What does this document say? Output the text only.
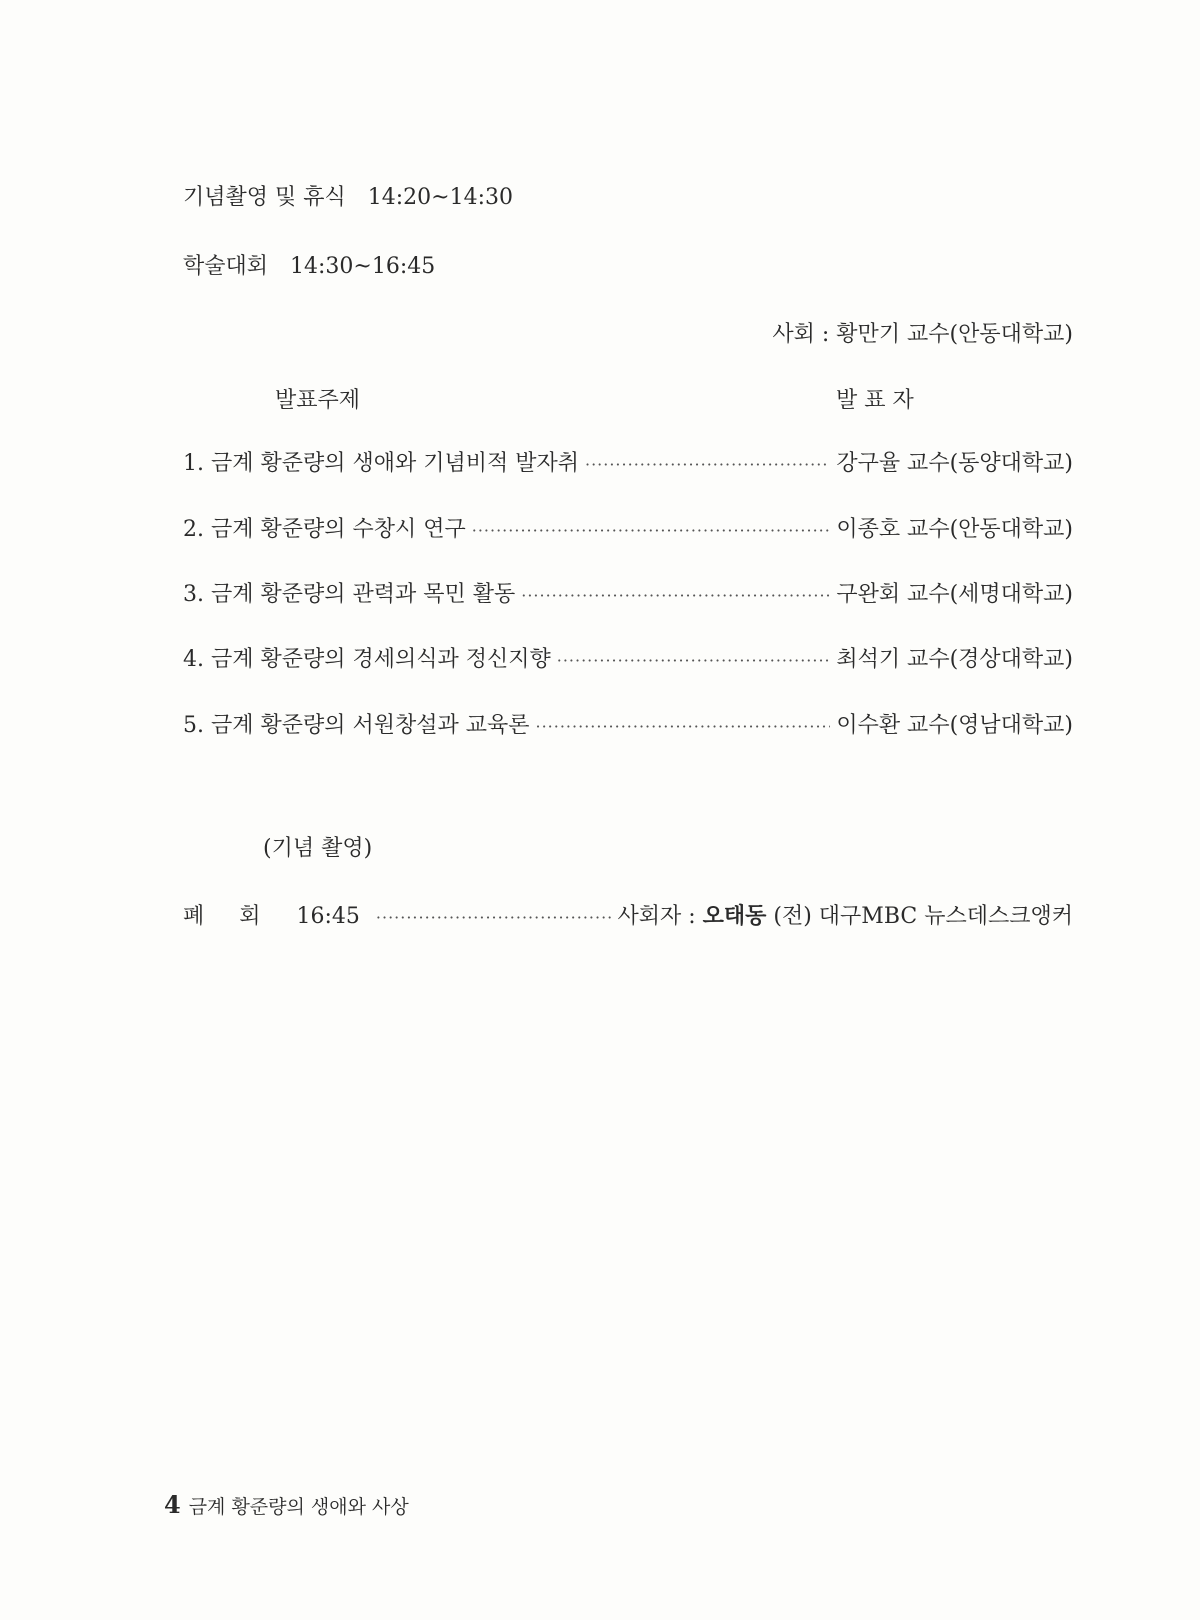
기념촬영 및 휴식 14:20~14:30
학술대회 14:30~16:45
사회 : 황만기 교수(안동대학교)
발표주제	발 표 자
1. 금계 황준량의 생애와 기념비적 발자취 ·····	강구율 교수(동양대학교)
2. 금계 황준량의 수창시 연구 ·····	이종호 교수(안동대학교)
3. 금계 황준량의 관력과 목민 활동 ·····	구완회 교수(세명대학교)
4. 금계 황준량의 경세의식과 정신지향 ·····	최석기 교수(경상대학교)
5. 금계 황준량의 서원창설과 교육론 ·····	이수환 교수(영남대학교)
(기념 촬영)
폐 회 16:45 ·····	사회자 : 오태동 (전) 대구MBC 뉴스데스크앵커
4 금계 황준량의 생애와 사상
